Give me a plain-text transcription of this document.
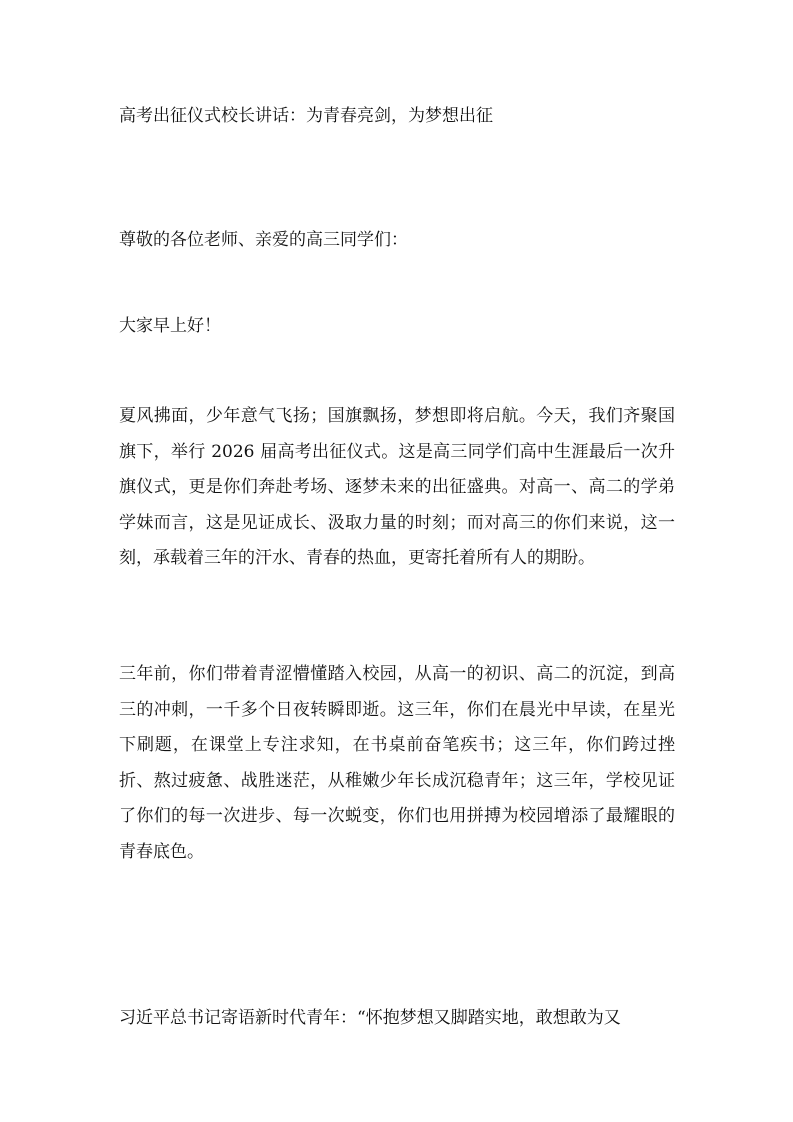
高考出征仪式校长讲话：为青春亮剑，为梦想出征
尊敬的各位老师、亲爱的高三同学们：
大家早上好！

夏风拂面，少年意气飞扬；国旗飘扬，梦想即将启航。今天，我们齐聚国旗下，举行 2026 届高考出征仪式。这是高三同学们高中生涯最后一次升旗仪式，更是你们奔赴考场、逐梦未来的出征盛典。对高一、高二的学弟学妹而言，这是见证成长、汲取力量的时刻；而对高三的你们来说，这一刻，承载着三年的汗水、青春的热血，更寄托着所有人的期盼。

三年前，你们带着青涩懵懂踏入校园，从高一的初识、高二的沉淀，到高三的冲刺，一千多个日夜转瞬即逝。这三年，你们在晨光中早读，在星光下刷题，在课堂上专注求知，在书桌前奋笔疾书；这三年，你们跨过挫折、熬过疲惫、战胜迷茫，从稚嫩少年长成沉稳青年；这三年，学校见证了你们的每一次进步、每一次蜕变，你们也用拼搏为校园增添了最耀眼的青春底色。

习近平总书记寄语新时代青年：“怀抱梦想又脚踏实地，敢想敢为又
